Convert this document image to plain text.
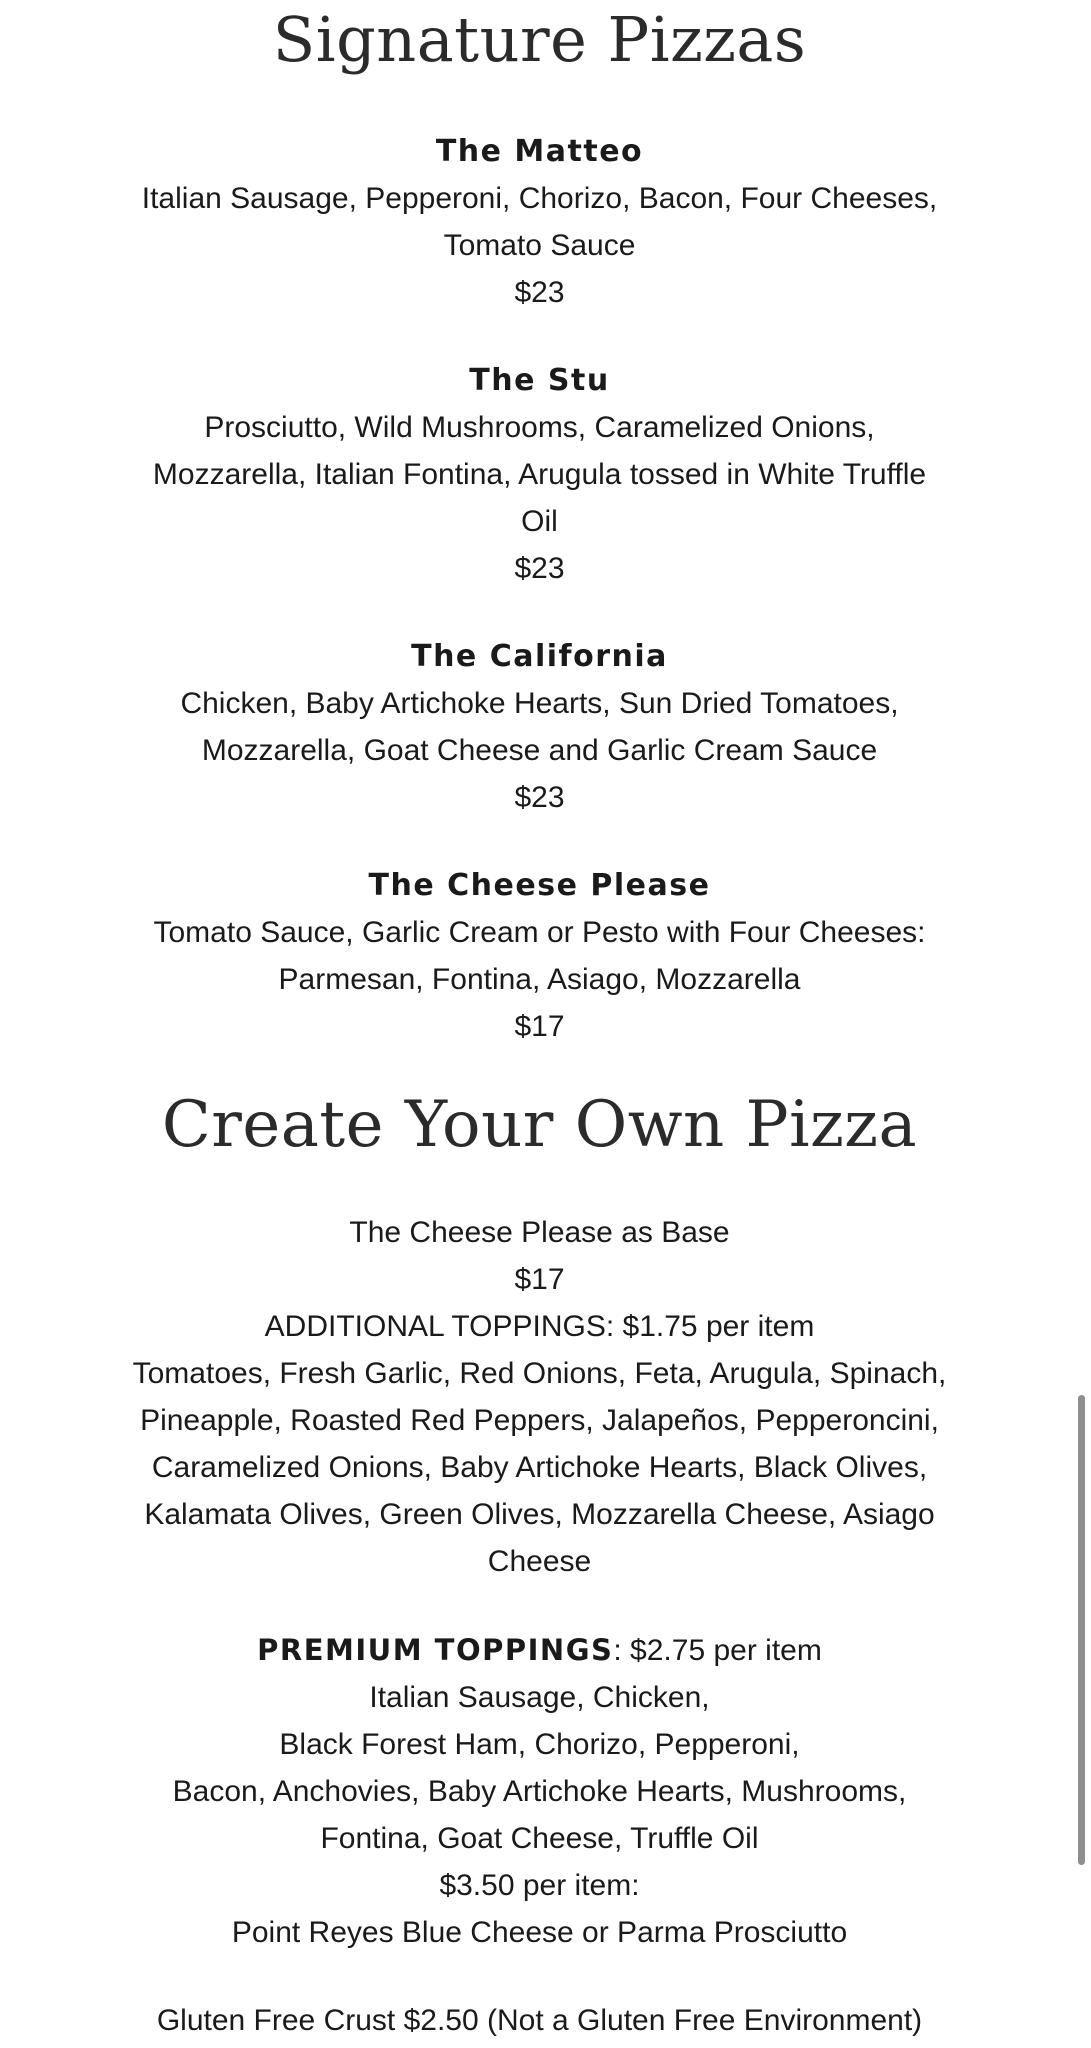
Signature Pizzas
The Matteo
Italian Sausage, Pepperoni, Chorizo, Bacon, Four Cheeses,
Tomato Sauce
$23
The Stu
Prosciutto, Wild Mushrooms, Caramelized Onions,
Mozzarella, Italian Fontina, Arugula tossed in White Truffle
Oil
$23
The California
Chicken, Baby Artichoke Hearts, Sun Dried Tomatoes,
Mozzarella, Goat Cheese and Garlic Cream Sauce
$23
The Cheese Please
Tomato Sauce, Garlic Cream or Pesto with Four Cheeses:
Parmesan, Fontina, Asiago, Mozzarella
$17
Create Your Own Pizza
The Cheese Please as Base
$17
ADDITIONAL TOPPINGS: $1.75 per item
Tomatoes, Fresh Garlic, Red Onions, Feta, Arugula, Spinach,
Pineapple, Roasted Red Peppers, Jalapeños, Pepperoncini,
Caramelized Onions, Baby Artichoke Hearts, Black Olives,
Kalamata Olives, Green Olives, Mozzarella Cheese, Asiago
Cheese
PREMIUM TOPPINGS: $2.75 per item
Italian Sausage, Chicken,
Black Forest Ham, Chorizo, Pepperoni,
Bacon, Anchovies, Baby Artichoke Hearts, Mushrooms,
Fontina, Goat Cheese, Truffle Oil
$3.50 per item:
Point Reyes Blue Cheese or Parma Prosciutto
Gluten Free Crust $2.50 (Not a Gluten Free Environment)
